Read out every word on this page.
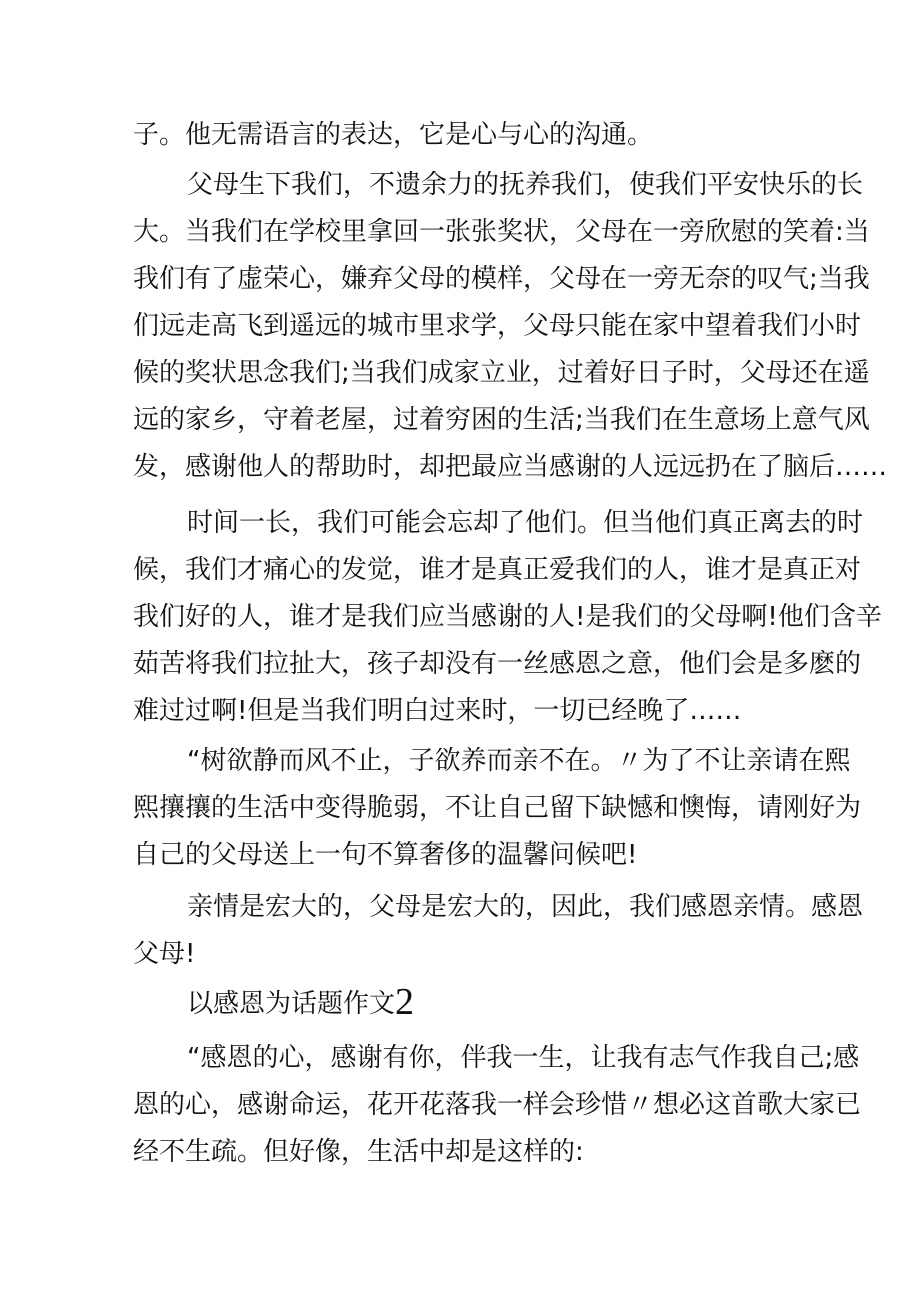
子。他无需语言的表达，它是心与心的沟通。
父母生下我们，不遗余力的抚养我们，使我们平安快乐的长
大。当我们在学校里拿回一张张奖状，父母在一旁欣慰的笑着:当
我们有了虚荣心，嫌弃父母的模样，父母在一旁无奈的叹气;当我
们远走高飞到遥远的城市里求学，父母只能在家中望着我们小时
候的奖状思念我们;当我们成家立业，过着好日子时，父母还在遥
远的家乡，守着老屋，过着穷困的生活;当我们在生意场上意气风
发，感谢他人的帮助时，却把最应当感谢的人远远扔在了脑后……
时间一长，我们可能会忘却了他们。但当他们真正离去的时
候，我们才痛心的发觉，谁才是真正爱我们的人，谁才是真正对
我们好的人，谁才是我们应当感谢的人!是我们的父母啊!他们含辛
茹苦将我们拉扯大，孩子却没有一丝感恩之意，他们会是多麽的
难过过啊!但是当我们明白过来时，一切已经晚了……
“树欲静而风不止，子欲养而亲不在。〃为了不让亲请在熙
熙攘攘的生活中变得脆弱，不让自己留下缺憾和懊悔，请刚好为
自己的父母送上一句不算奢侈的温馨问候吧!
亲情是宏大的，父母是宏大的，因此，我们感恩亲情。感恩
父母!
以感恩为话题作文2
“感恩的心，感谢有你，伴我一生，让我有志气作我自己;感
恩的心，感谢命运，花开花落我一样会珍惜〃想必这首歌大家已
经不生疏。但好像，生活中却是这样的:
